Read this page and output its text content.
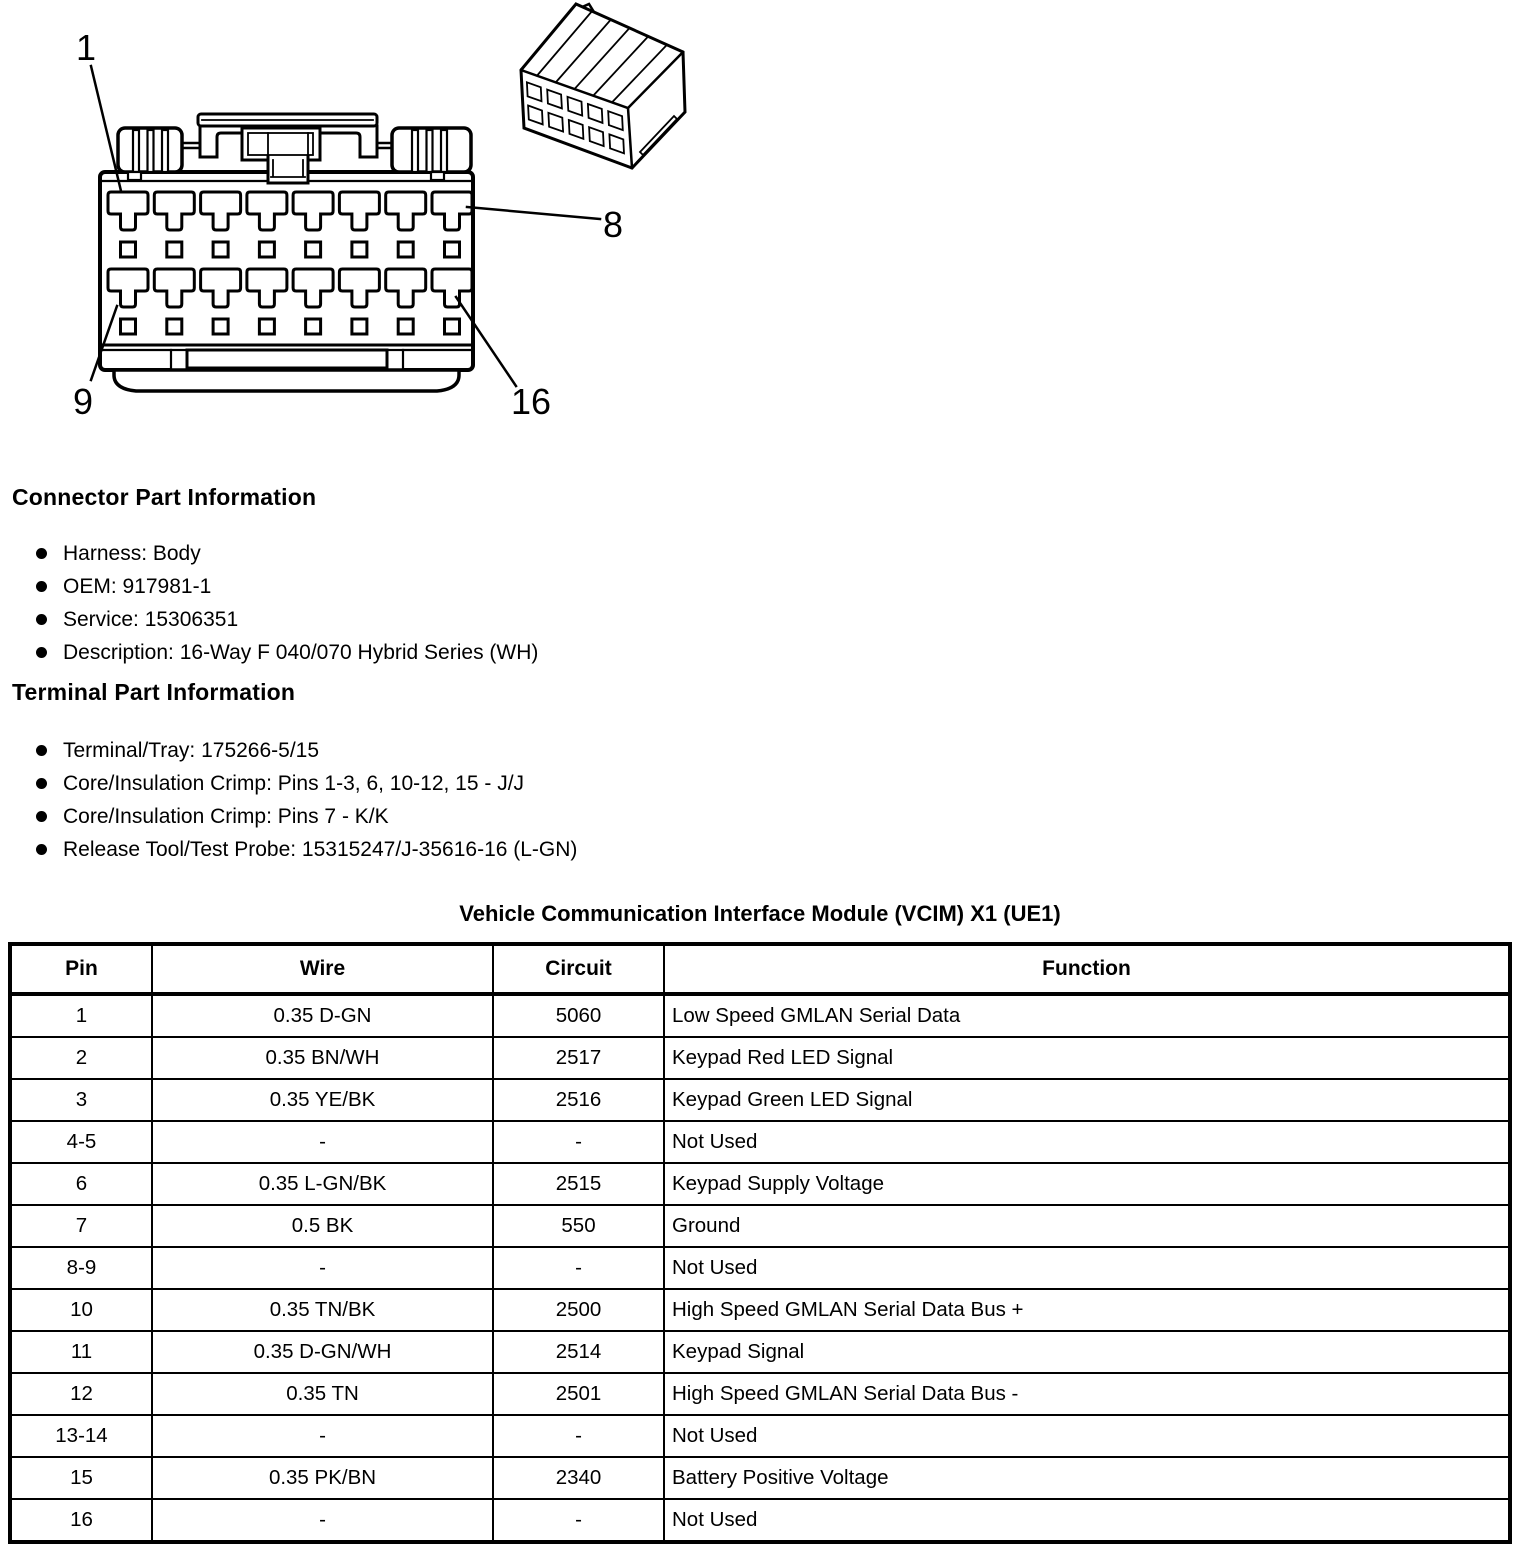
1
8
9	16
Connector Part Information
Harness: Body
OEM: 917981-1
Service: 15306351
Description: 16-Way F 040/070 Hybrid Series (WH)
Terminal Part Information
Terminal/Tray: 175266-5/15
Core/Insulation Crimp: Pins 1-3, 6, 10-12, 15 - J/J
Core/Insulation Crimp: Pins 7 - K/K
Release Tool/Test Probe: 15315247/J-35616-16 (L-GN)
Vehicle Communication Interface Module (VCIM) X1 (UE1)
Pin	Wire	Circuit	Function
1	0.35 D-GN	5060	Low Speed GMLAN Serial Data
2	0.35 BN/WH	2517	Keypad Red LED Signal
3	0.35 YE/BK	2516	Keypad Green LED Signal
4-5	-	-	Not Used
6	0.35 L-GN/BK	2515	Keypad Supply Voltage
7	0.5 BK	550	Ground
8-9	-	-	Not Used
10	0.35 TN/BK	2500	High Speed GMLAN Serial Data Bus +
11	0.35 D-GN/WH	2514	Keypad Signal
12	0.35 TN	2501	High Speed GMLAN Serial Data Bus -
13-14	-	-	Not Used
15	0.35 PK/BN	2340	Battery Positive Voltage
16	-	-	Not Used
